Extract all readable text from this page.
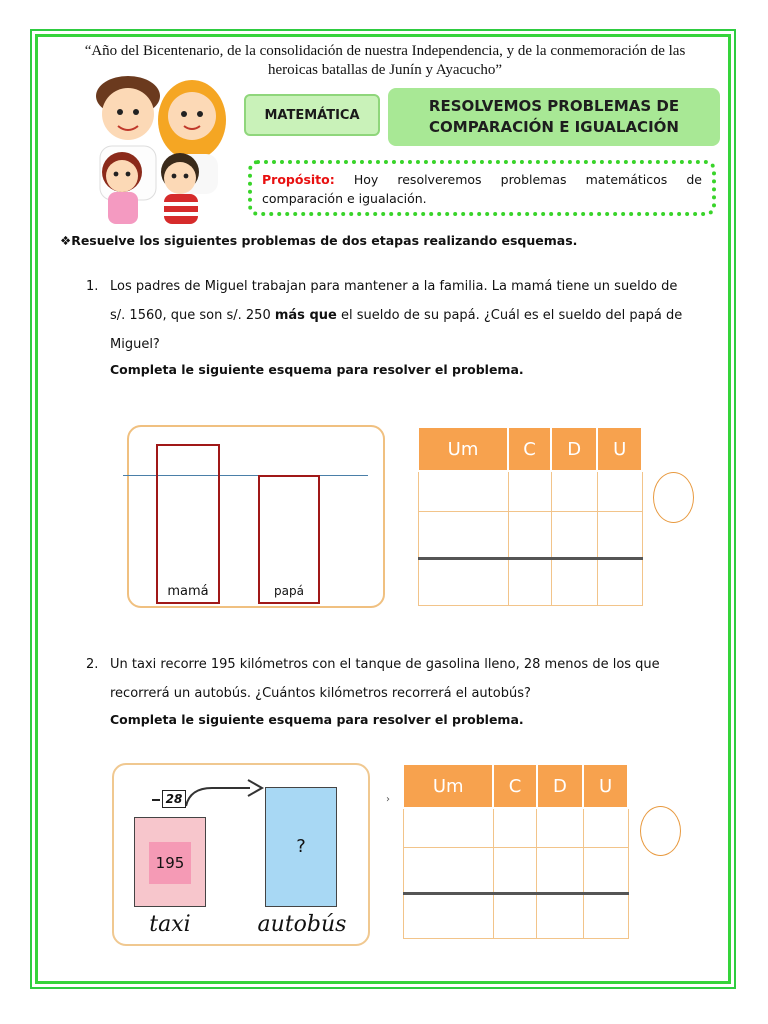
“Año del Bicentenario, de la consolidación de nuestra Independencia, y de la conmemoración de las heroicas batallas de Junín y Ayacucho”
MATEMÁTICA	RESOLVEMOS PROBLEMAS DE
COMPARACIÓN E IGUALACIÓN
Propósito: Hoy resolveremos problemas matemáticos de comparación e igualación.
❖Resuelve los siguientes problemas de dos etapas realizando esquemas.
1. Los padres de Miguel trabajan para mantener a la familia. La mamá tiene un sueldo de s/. 1560, que son s/. 250 más que el sueldo de su papá. ¿Cuál es el sueldo del papá de Miguel?
Completa le siguiente esquema para resolver el problema.
mamá	papá
Um	C	D	U

2. Un taxi recorre 195 kilómetros con el tanque de gasolina lleno, 28 menos de los que recorrerá un autobús. ¿Cuántos kilómetros recorrerá el autobús?
Completa le siguiente esquema para resolver el problema.
28
195
?
taxi	autobús
›
Um	C	D	U
